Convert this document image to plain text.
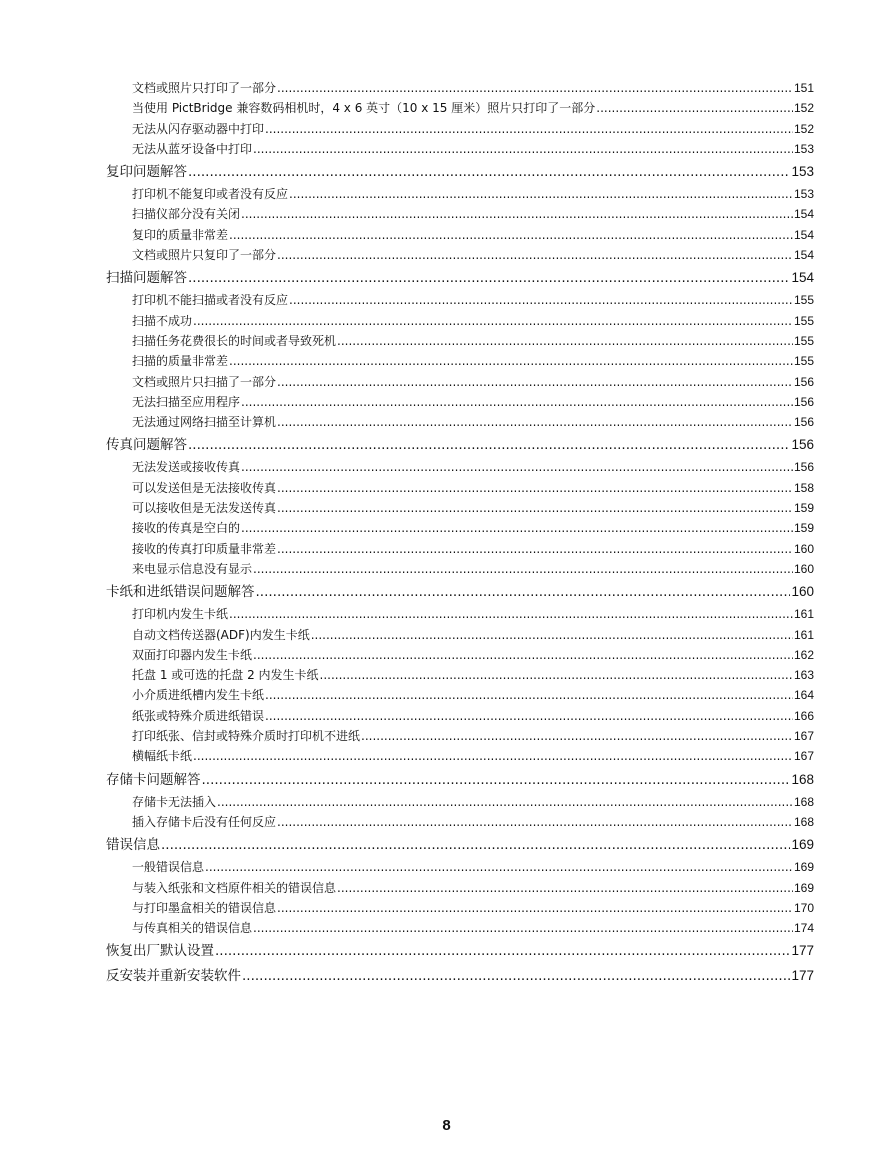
文档或照片只打印了一部分 .....	151
当使用 PictBridge 兼容数码相机时，4 x 6 英寸（10 x 15 厘米）照片只打印了一部分 .....	152
无法从闪存驱动器中打印 .....	152
无法从蓝牙设备中打印 .....	153
复印问题解答 .....	153
打印机不能复印或者没有反应 .....	153
扫描仪部分没有关闭 .....	154
复印的质量非常差 .....	154
文档或照片只复印了一部分 .....	154
扫描问题解答 .....	154
打印机不能扫描或者没有反应 .....	155
扫描不成功 .....	155
扫描任务花费很长的时间或者导致死机 .....	155
扫描的质量非常差 .....	155
文档或照片只扫描了一部分 .....	156
无法扫描至应用程序 .....	156
无法通过网络扫描至计算机 .....	156
传真问题解答 .....	156
无法发送或接收传真 .....	156
可以发送但是无法接收传真 .....	158
可以接收但是无法发送传真 .....	159
接收的传真是空白的 .....	159
接收的传真打印质量非常差 .....	160
来电显示信息没有显示 .....	160
卡纸和进纸错误问题解答 .....	160
打印机内发生卡纸 .....	161
自动文档传送器(ADF)内发生卡纸 .....	161
双面打印器内发生卡纸 .....	162
托盘 1 或可选的托盘 2 内发生卡纸 .....	163
小介质进纸槽内发生卡纸 .....	164
纸张或特殊介质进纸错误 .....	166
打印纸张、信封或特殊介质时打印机不进纸 .....	167
横幅纸卡纸 .....	167
存储卡问题解答 .....	168
存储卡无法插入 .....	168
插入存储卡后没有任何反应 .....	168
错误信息 .....	169
一般错误信息 .....	169
与装入纸张和文档原件相关的错误信息 .....	169
与打印墨盒相关的错误信息 .....	170
与传真相关的错误信息 .....	174
恢复出厂默认设置 .....	177
反安装并重新安装软件 .....	177
8
